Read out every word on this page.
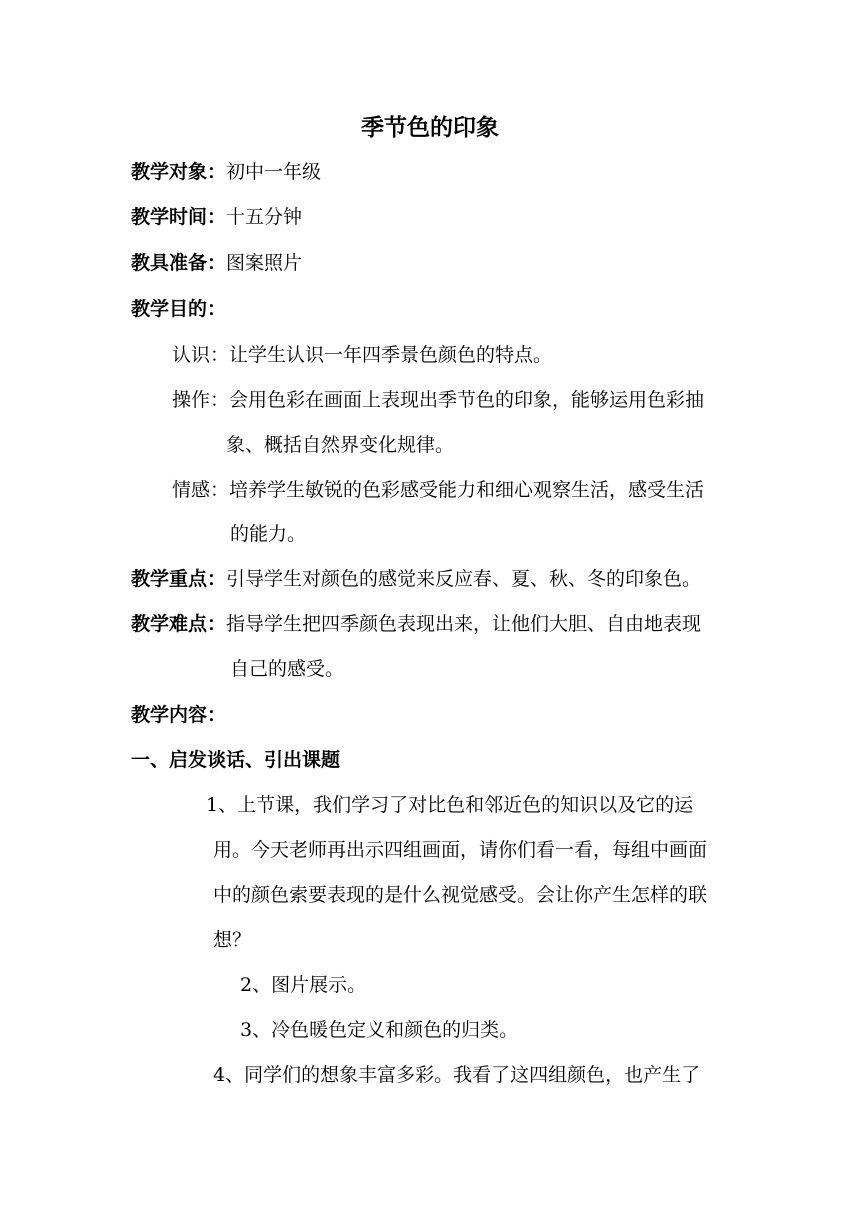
季节色的印象
教学对象：初中一年级
教学时间：十五分钟
教具准备：图案照片
教学目的：
认识：让学生认识一年四季景色颜色的特点。
操作：会用色彩在画面上表现出季节色的印象，能够运用色彩抽
象、概括自然界变化规律。
情感：培养学生敏锐的色彩感受能力和细心观察生活，感受生活
的能力。
教学重点：引导学生对颜色的感觉来反应春、夏、秋、冬的印象色。
教学难点：指导学生把四季颜色表现出来，让他们大胆、自由地表现
自己的感受。
教学内容：
一、启发谈话、引出课题
1、上节课，我们学习了对比色和邻近色的知识以及它的运
用。今天老师再出示四组画面，请你们看一看，每组中画面
中的颜色索要表现的是什么视觉感受。会让你产生怎样的联
想？
2、图片展示。
3、冷色暖色定义和颜色的归类。
4、同学们的想象丰富多彩。我看了这四组颜色，也产生了
